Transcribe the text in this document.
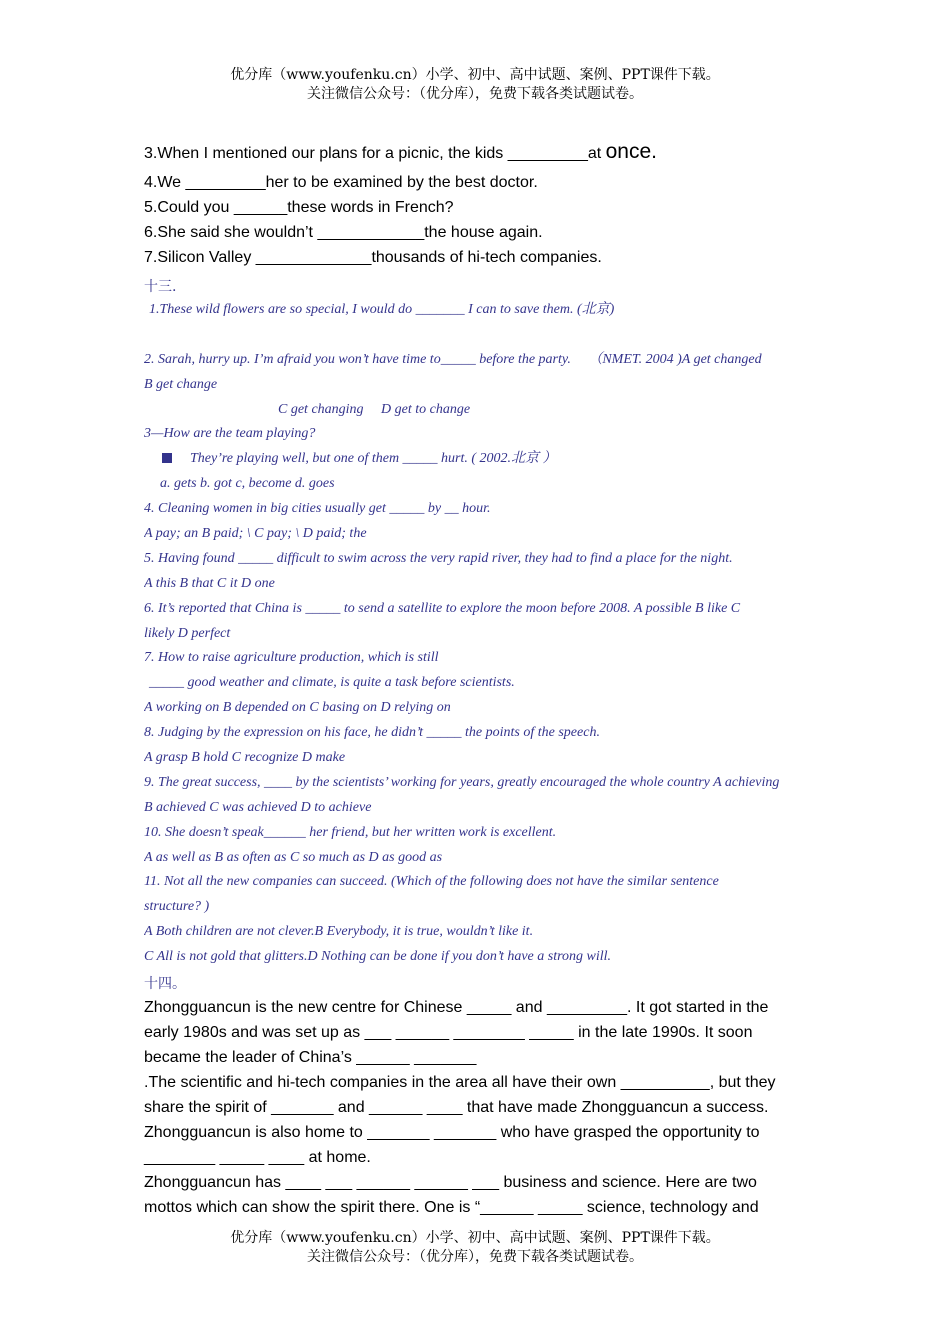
优分库（www.youfenku.cn）小学、初中、高中试题、案例、PPT课件下载。
关注微信公众号：（优分库），免费下载各类试题试卷。
3.When I mentioned our plans for a picnic, the kids _________at once.
4.We _________her to be examined by the best doctor.
5.Could you ______these words in French?
6.She said she wouldn’t ____________the house again.
7.Silicon Valley _____________thousands of hi-tech companies.
十三.
1.These wild flowers are so special, I would do _______ I can to save them. (北京)
2. Sarah, hurry up. I’m afraid you won’t have time to_____ before the party.　 （NMET. 2004 )A get changed
B get change
C get changing　 D get to change
3—How are the team playing?
They’re playing well, but one of them _____ hurt. ( 2002.北京 ）
a. gets b. got c, become d. goes
4. Cleaning women in big cities usually get _____ by __ hour.
A pay; an B paid; \ C pay; \ D paid; the
5. Having found _____ difficult to swim across the very rapid river, they had to find a place for the night.
A this B that C it D one
6. It’s reported that China is _____ to send a satellite to explore the moon before 2008. A possible B like C
likely D perfect
7. How to raise agriculture production, which is still
_____ good weather and climate, is quite a task before scientists.
A working on B depended on C basing on D relying on
8. Judging by the expression on his face, he didn’t _____ the points of the speech.
A grasp B hold C recognize D make
9. The great success, ____ by the scientists’ working for years, greatly encouraged the whole country A achieving
B achieved C was achieved D to achieve
10. She doesn’t speak______ her friend, but her written work is excellent.
A as well as B as often as C so much as D as good as
11. Not all the new companies can succeed. (Which of the following does not have the similar sentence
structure? )
A Both children are not clever.B Everybody, it is true, wouldn’t like it.
C All is not gold that glitters.D Nothing can be done if you don’t have a strong will.
十四。
Zhongguancun is the new centre for Chinese _____ and _________. It got started in the
early 1980s and was set up as ___ ______ ________ _____ in the late 1990s. It soon
became the leader of China’s ______ _______
.The scientific and hi-tech companies in the area all have their own __________, but they
share the spirit of _______ and ______ ____ that have made Zhongguancun a success.
Zhongguancun is also home to _______ _______ who have grasped the opportunity to
________ _____ ____ at home.
Zhongguancun has ____ ___ ______ ______ ___ business and science. Here are two
mottos which can show the spirit there. One is “______ _____ science, technology and
优分库（www.youfenku.cn）小学、初中、高中试题、案例、PPT课件下载。
关注微信公众号：（优分库），免费下载各类试题试卷。
